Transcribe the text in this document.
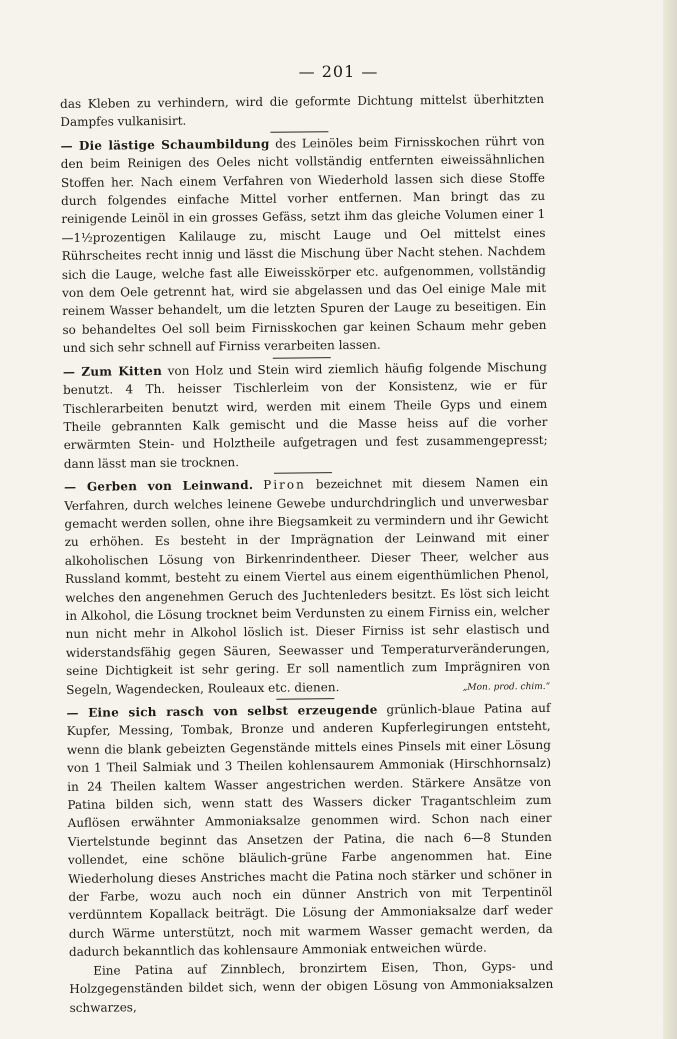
— 201 —

das Kleben zu verhindern, wird die geformte Dichtung mittelst überhitzten Dampfes vulkanisirt.

— Die lästige Schaumbildung des Leinöles beim Firnisskochen rührt von den beim Reinigen des Oeles nicht vollständig entfernten eiweissähnlichen Stoffen her. Nach einem Verfahren von Wiederhold lassen sich diese Stoffe durch folgendes einfache Mittel vorher entfernen. Man bringt das zu reinigende Leinöl in ein grosses Gefäss, setzt ihm das gleiche Volumen einer 1—1½prozentigen Kalilauge zu, mischt Lauge und Oel mittelst eines Rührscheites recht innig und lässt die Mischung über Nacht stehen. Nachdem sich die Lauge, welche fast alle Eiweisskörper etc. aufgenommen, vollständig von dem Oele getrennt hat, wird sie abgelassen und das Oel einige Male mit reinem Wasser behandelt, um die letzten Spuren der Lauge zu beseitigen. Ein so behandeltes Oel soll beim Firnisskochen gar keinen Schaum mehr geben und sich sehr schnell auf Firniss verarbeiten lassen.

— Zum Kitten von Holz und Stein wird ziemlich häufig folgende Mischung benutzt. 4 Th. heisser Tischlerleim von der Konsistenz, wie er für Tischlerarbeiten benutzt wird, werden mit einem Theile Gyps und einem Theile gebrannten Kalk gemischt und die Masse heiss auf die vorher erwärmten Stein- und Holztheile aufgetragen und fest zusammengepresst; dann lässt man sie trocknen.

— Gerben von Leinwand. Piron bezeichnet mit diesem Namen ein Verfahren, durch welches leinene Gewebe undurchdringlich und unverwesbar gemacht werden sollen, ohne ihre Biegsamkeit zu vermindern und ihr Gewicht zu erhöhen. Es besteht in der Imprägnation der Leinwand mit einer alkoholischen Lösung von Birkenrindentheer. Dieser Theer, welcher aus Russland kommt, besteht zu einem Viertel aus einem eigenthümlichen Phenol, welches den angenehmen Geruch des Juchtenleders besitzt. Es löst sich leicht in Alkohol, die Lösung trocknet beim Verdunsten zu einem Firniss ein, welcher nun nicht mehr in Alkohol löslich ist. Dieser Firniss ist sehr elastisch und widerstandsfähig gegen Säuren, Seewasser und Temperaturveränderungen, seine Dichtigkeit ist sehr gering. Er soll namentlich zum Imprägniren von Segeln, Wagendecken, Rouleaux etc. dienen.	„Mon. prod. chim.“

— Eine sich rasch von selbst erzeugende grünlich-blaue Patina auf Kupfer, Messing, Tombak, Bronze und anderen Kupferlegirungen entsteht, wenn die blank gebeizten Gegenstände mittels eines Pinsels mit einer Lösung von 1 Theil Salmiak und 3 Theilen kohlensaurem Ammoniak (Hirschhornsalz) in 24 Theilen kaltem Wasser angestrichen werden. Stärkere Ansätze von Patina bilden sich, wenn statt des Wassers dicker Tragantschleim zum Auflösen erwähnter Ammoniaksalze genommen wird. Schon nach einer Viertelstunde beginnt das Ansetzen der Patina, die nach 6—8 Stunden vollendet, eine schöne bläulich-grüne Farbe angenommen hat. Eine Wiederholung dieses Anstriches macht die Patina noch stärker und schöner in der Farbe, wozu auch noch ein dünner Anstrich von mit Terpentinöl verdünntem Kopallack beiträgt. Die Lösung der Ammoniaksalze darf weder durch Wärme unterstützt, noch mit warmem Wasser gemacht werden, da dadurch bekanntlich das kohlensaure Ammoniak entweichen würde.

Eine Patina auf Zinnblech, bronzirtem Eisen, Thon, Gyps- und Holzgegenständen bildet sich, wenn der obigen Lösung von Ammoniaksalzen schwarzes,
